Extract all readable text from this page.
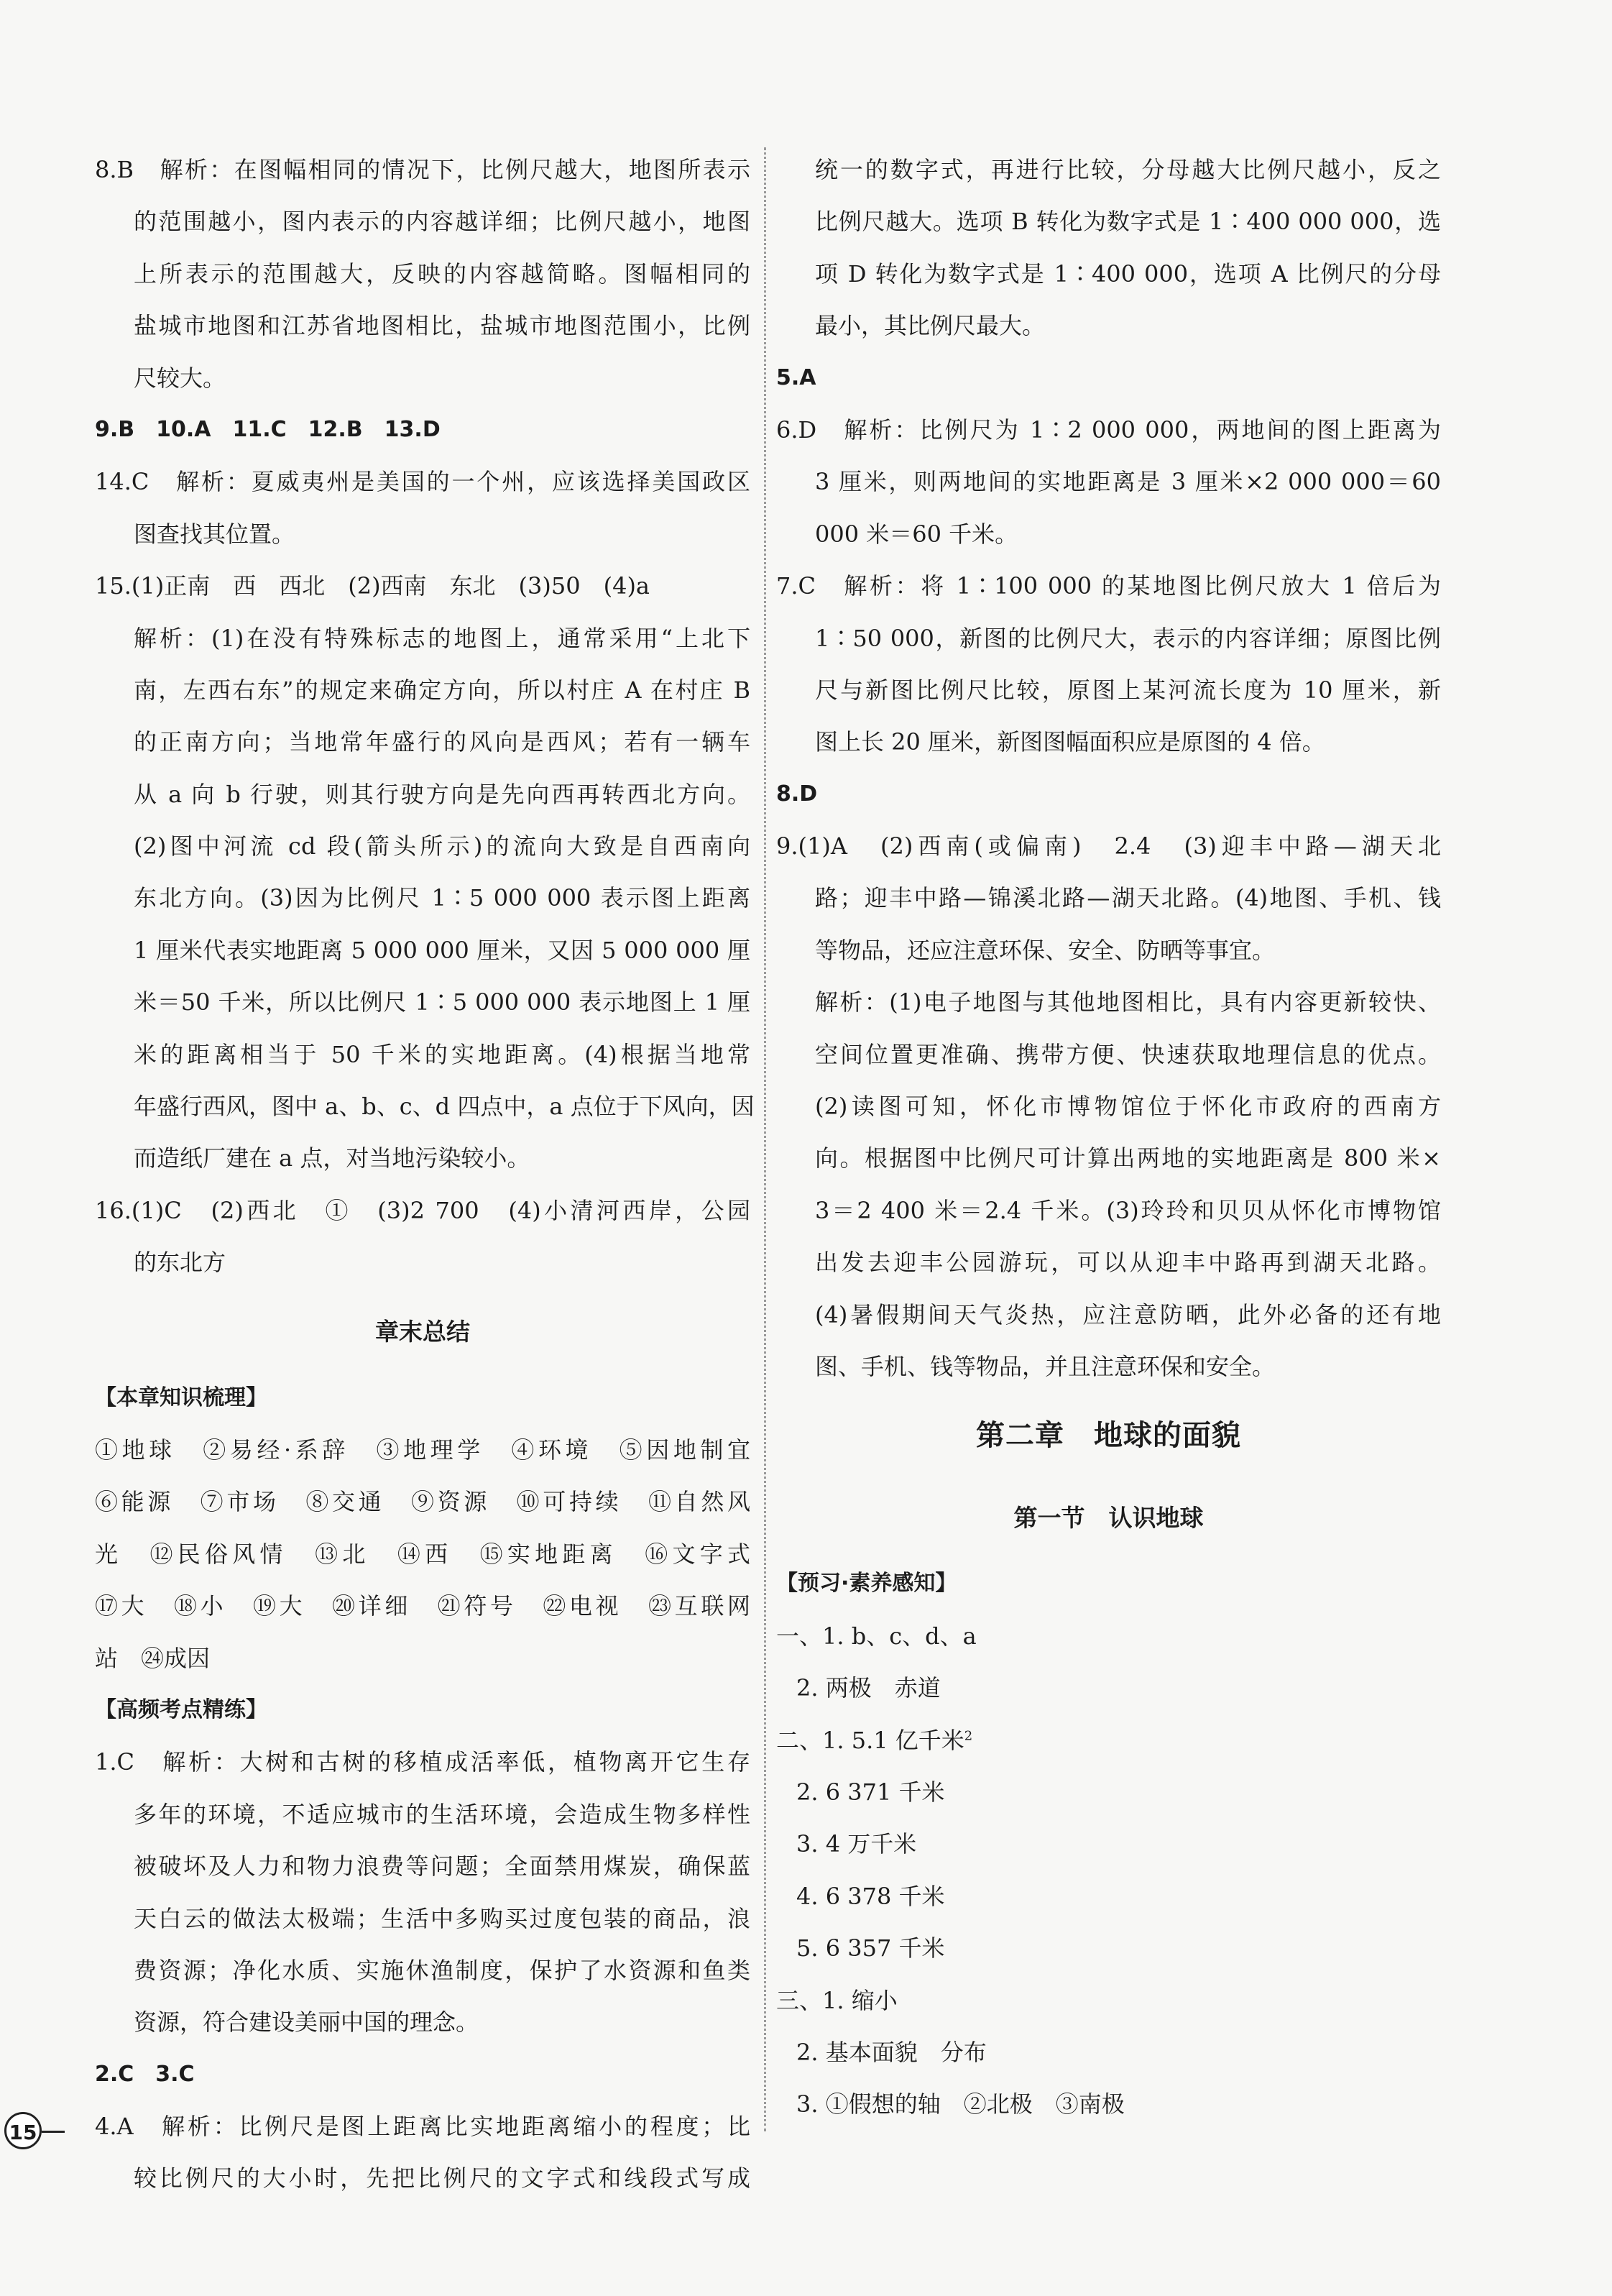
8.B　解析：在图幅相同的情况下，比例尺越大，地图所表示
的范围越小，图内表示的内容越详细；比例尺越小，地图
上所表示的范围越大，反映的内容越简略。图幅相同的
盐城市地图和江苏省地图相比，盐城市地图范围小，比例
尺较大。
9.B　10.A　11.C　12.B　13.D
14.C　解析：夏威夷州是美国的一个州，应该选择美国政区
图查找其位置。
15.(1)正南　西　西北　(2)西南　东北　(3)50　(4)a
解析：(1)在没有特殊标志的地图上，通常采用“上北下
南，左西右东”的规定来确定方向，所以村庄 A 在村庄 B
的正南方向；当地常年盛行的风向是西风；若有一辆车
从 a 向 b 行驶，则其行驶方向是先向西再转西北方向。
(2)图中河流 cd 段(箭头所示)的流向大致是自西南向
东北方向。(3)因为比例尺 1∶5 000 000 表示图上距离
1 厘米代表实地距离 5 000 000 厘米，又因 5 000 000 厘
米＝50 千米，所以比例尺 1∶5 000 000 表示地图上 1 厘
米的距离相当于 50 千米的实地距离。(4)根据当地常
年盛行西风，图中 a、b、c、d 四点中，a 点位于下风向，因
而造纸厂建在 a 点，对当地污染较小。
16.(1)C　(2)西北　①　(3)2 700　(4)小清河西岸，公园
的东北方
章末总结
【本章知识梳理】
①地球　②易经·系辞　③地理学　④环境　⑤因地制宜
⑥能源　⑦市场　⑧交通　⑨资源　⑩可持续　⑪自然风
光　⑫民俗风情　⑬北　⑭西　⑮实地距离　⑯文字式
⑰大　⑱小　⑲大　⑳详细　㉑符号　㉒电视　㉓互联网
站　㉔成因
【高频考点精练】
1.C　解析：大树和古树的移植成活率低，植物离开它生存
多年的环境，不适应城市的生活环境，会造成生物多样性
被破坏及人力和物力浪费等问题；全面禁用煤炭，确保蓝
天白云的做法太极端；生活中多购买过度包装的商品，浪
费资源；净化水质、实施休渔制度，保护了水资源和鱼类
资源，符合建设美丽中国的理念。
2.C　3.C
4.A　解析：比例尺是图上距离比实地距离缩小的程度；比
较比例尺的大小时，先把比例尺的文字式和线段式写成
统一的数字式，再进行比较，分母越大比例尺越小，反之
比例尺越大。选项 B 转化为数字式是 1∶400 000 000，选
项 D 转化为数字式是 1∶400 000，选项 A 比例尺的分母
最小，其比例尺最大。
5.A
6.D　解析：比例尺为 1∶2 000 000，两地间的图上距离为
3 厘米，则两地间的实地距离是 3 厘米×2 000 000＝60
000 米＝60 千米。
7.C　解析：将 1∶100 000 的某地图比例尺放大 1 倍后为
1∶50 000，新图的比例尺大，表示的内容详细；原图比例
尺与新图比例尺比较，原图上某河流长度为 10 厘米，新
图上长 20 厘米，新图图幅面积应是原图的 4 倍。
8.D
9.(1)A　(2)西南(或偏南)　2.4　(3)迎丰中路—湖天北
路；迎丰中路—锦溪北路—湖天北路。(4)地图、手机、钱
等物品，还应注意环保、安全、防晒等事宜。
解析：(1)电子地图与其他地图相比，具有内容更新较快、
空间位置更准确、携带方便、快速获取地理信息的优点。
(2)读图可知，怀化市博物馆位于怀化市政府的西南方
向。根据图中比例尺可计算出两地的实地距离是 800 米×
3＝2 400 米＝2.4 千米。(3)玲玲和贝贝从怀化市博物馆
出发去迎丰公园游玩，可以从迎丰中路再到湖天北路。
(4)暑假期间天气炎热，应注意防晒，此外必备的还有地
图、手机、钱等物品，并且注意环保和安全。
第二章　地球的面貌
第一节　认识地球
【预习·素养感知】
一、1. b、c、d、a
2. 两极　赤道
二、1. 5.1 亿千米$^2$
2. 6 371 千米
3. 4 万千米
4. 6 378 千米
5. 6 357 千米
三、1. 缩小
2. 基本面貌　分布
3. ①假想的轴　②北极　③南极
15
